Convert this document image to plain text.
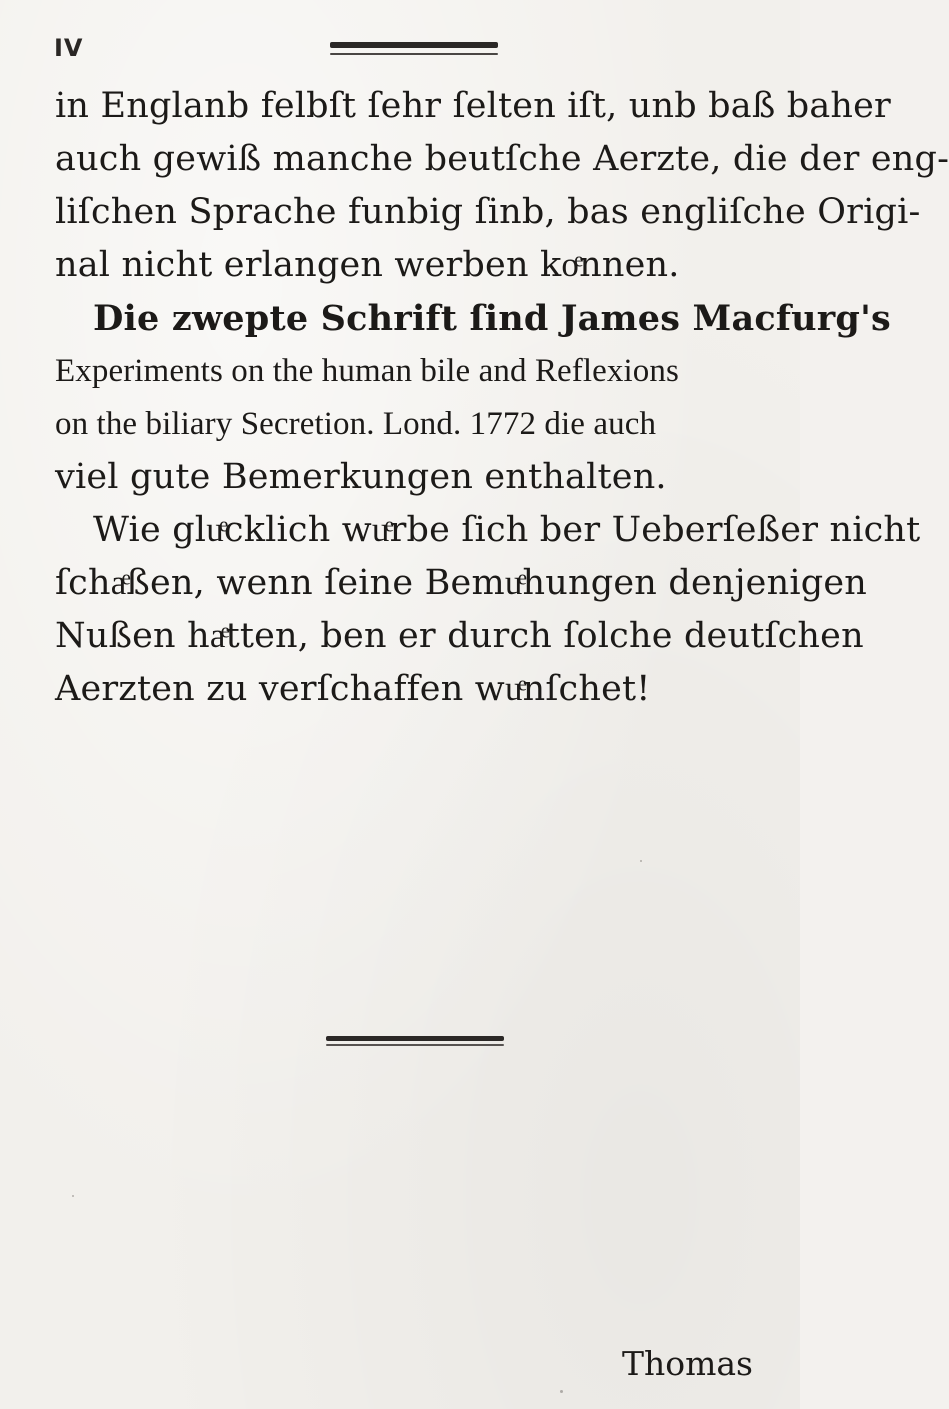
IV
in Englanb felbſt ſehr ſelten iſt, unb baß baher
auch gewiß manche beutſche Aerzte, die der eng-
liſchen Sprache funbig ſinb, bas engliſche Origi-
nal nicht erlangen werben koͤnnen.
Die zwepte Schrift ſind James Macfurg's
Experiments on the human bile and Reflexions
on the biliary Secretion. Lond. 1772 die auch
viel gute Bemerkungen enthalten.
Wie gluͤcklich wuͤrbe ſich ber Ueberſeßer nicht
ſchaͤßen, wenn ſeine Bemuͤhungen denjenigen
Nußen haͤtten, ben er durch ſolche deutſchen
Aerzten zu verſchaffen wuͤnſchet!
Thomas
